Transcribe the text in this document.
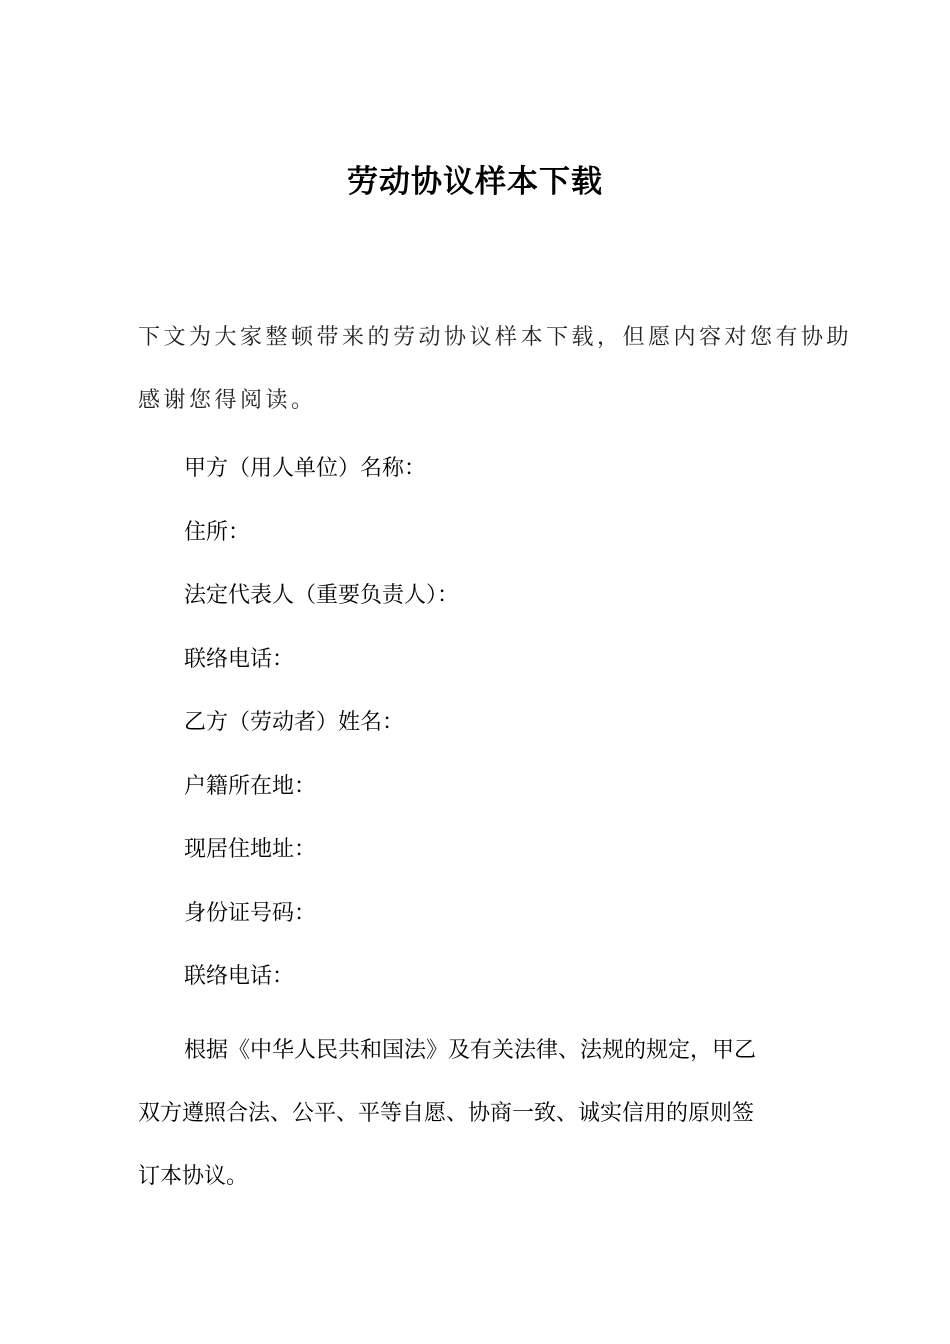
劳动协议样本下载
下文为大家整顿带来的劳动协议样本下载，但愿内容对您有协助
感谢您得阅读。
甲方（用人单位）名称：
住所：
法定代表人（重要负责人）：
联络电话：
乙方（劳动者）姓名：
户籍所在地：
现居住地址：
身份证号码：
联络电话：
根据《中华人民共和国法》及有关法律、法规的规定，甲乙
双方遵照合法、公平、平等自愿、协商一致、诚实信用的原则签
订本协议。
